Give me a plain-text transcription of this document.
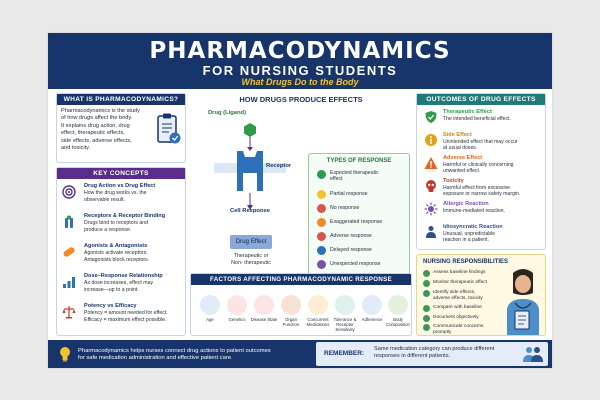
PHARMACODYNAMICS
FOR NURSING STUDENTS
What Drugs Do to the Body
WHAT IS PHARMACODYNAMICS?
Pharmacodynamics is the study
of how drugs affect the body.
It explains drug action, drug
effect, therapeutic effects,
side effects, adverse effects,
and toxicity.
KEY CONCEPTS
Drug Action vs Drug Effect
How the drug works vs. the
observable result.
Receptors & Receptor Binding
Drugs bind to receptors and
produce a response.
Agonists & Antagonists
Agonists activate receptors.
Antagonists block receptors.
Dose–Response Relationship
As dose increases, effect may
increase—up to a point.
Potency vs Efficacy
Potency = amount needed for effect.
Efficacy = maximum effect possible.
HOW DRUGS PRODUCE EFFECTS
Drug (Ligand)
Receptor
Cell Response
Drug Effect
Therapeutic or
Non- therapeutic
TYPES OF RESPONSE
Expected therapeutic
effect
Partial response
No response
Exaggerated response
Adverse response
Delayed response
Unexpected response
FACTORS AFFECTING PHARMACODYNAMIC RESPONSE
Age	Genetics	Disease State	Organ
Function
Concurrent
Medications
Tolerance &
Receptor Sensitivity
Adherence	Body
Composition
OUTCOMES OF DRUG EFFECTS
Therapeutic Effect
The intended beneficial effect.
Side Effect
Unintended effect that may occur
at usual doses.
Adverse Effect
Harmful or clinically concerning
unwanted effect.
Toxicity
Harmful effect from excessive
exposure or narrow safety margin.
Allergic Reaction
Immune-mediated reaction.
Idiosyncratic Reaction
Unusual, unpredictable
reaction in a patient.
NURSING RESPONSIBILITIES
Assess baseline findings
Monitor therapeutic effect
Identify side effects,
adverse effects, toxicity
Compare with baseline
Document objectively
Communicate concerns
promptly
Pharmacodynamics helps nurses connect drug actions to patient outcomes
for safe medication administration and effective patient care.
REMEMBER:
Same medication category can produce different
responses in different patients.
